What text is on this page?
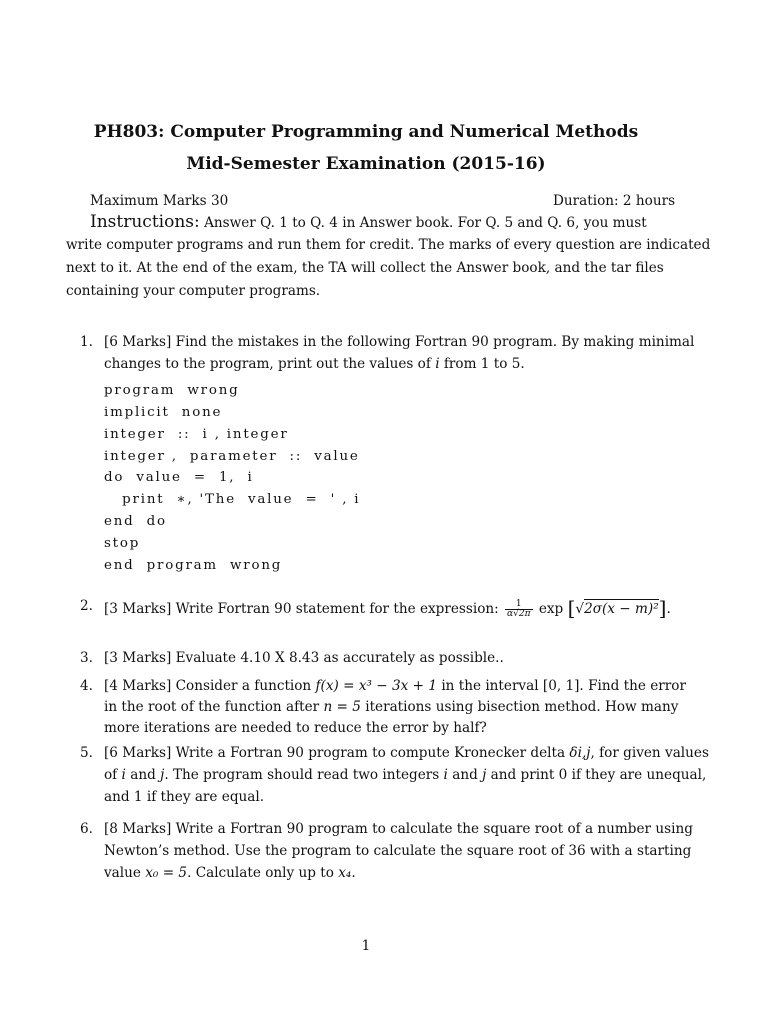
PH803: Computer Programming and Numerical Methods
Mid-Semester Examination (2015-16)
Maximum Marks 30	Duration: 2 hours
Instructions: Answer Q. 1 to Q. 4 in Answer book. For Q. 5 and Q. 6, you must
write computer programs and run them for credit. The marks of every question are indicated
next to it. At the end of the exam, the TA will collect the Answer book, and the tar files
containing your computer programs.
1. [6 Marks] Find the mistakes in the following Fortran 90 program. By making minimal
changes to the program, print out the values of i from 1 to 5.
program  wrong
implicit  none
integer  ::  i , integer
integer ,  parameter  ::  value
do  value  =  1,  i
print  ∗, 'The  value  =  ' , i
end  do
stop
end  program  wrong
2. [3 Marks] Write Fortran 90 statement for the expression: $\frac{1}{\alpha√2\pi}$ exp [√2σ(x − m)²].
3. [3 Marks] Evaluate 4.10 X 8.43 as accurately as possible..
4. [4 Marks] Consider a function f(x) = x³ − 3x + 1 in the interval [0, 1]. Find the error
in the root of the function after n = 5 iterations using bisection method. How many
more iterations are needed to reduce the error by half?
5. [6 Marks] Write a Fortran 90 program to compute Kronecker delta δi,j, for given values
of i and j. The program should read two integers i and j and print 0 if they are unequal,
and 1 if they are equal.
6. [8 Marks] Write a Fortran 90 program to calculate the square root of a number using
Newton’s method. Use the program to calculate the square root of 36 with a starting
value x₀ = 5. Calculate only up to x₄.
1
